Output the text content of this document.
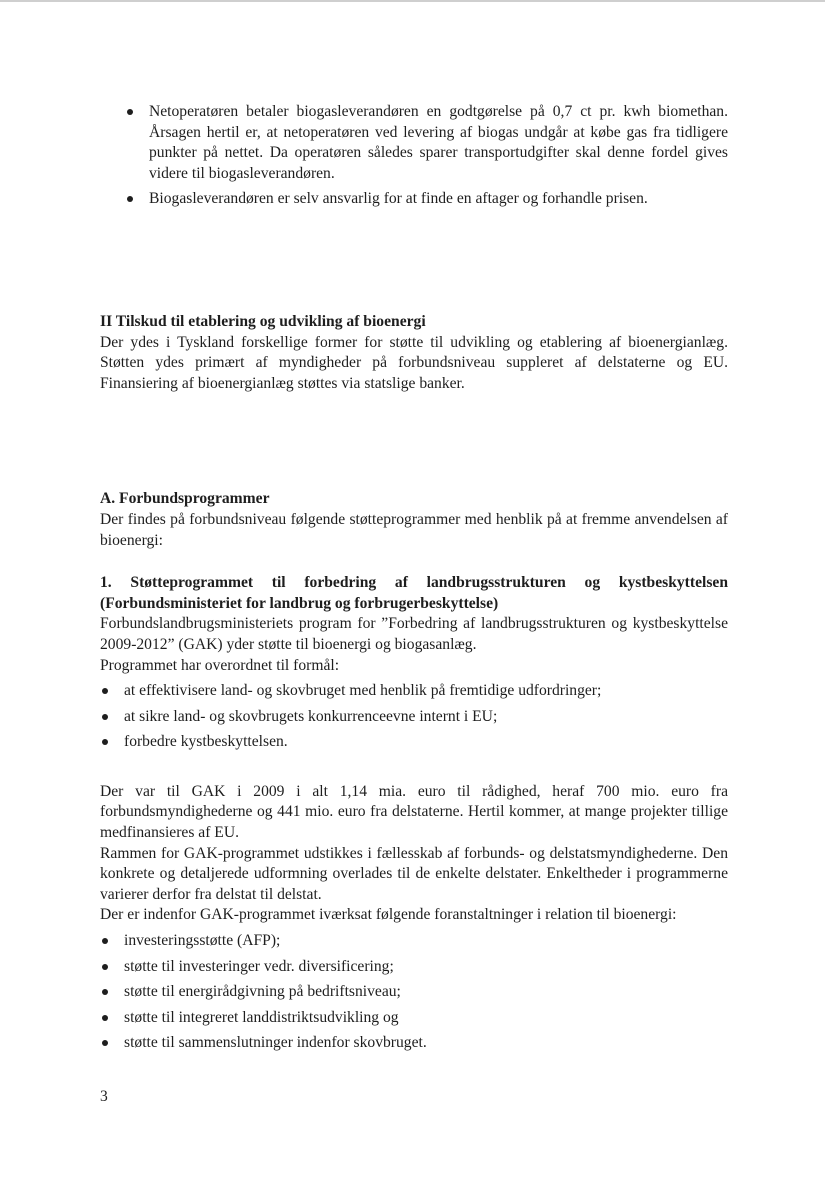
Netoperatøren betaler biogasleverandøren en godtgørelse på 0,7 ct pr. kwh biomethan. Årsagen hertil er, at netoperatøren ved levering af biogas undgår at købe gas fra tidligere punkter på nettet. Da operatøren således sparer transportudgifter skal denne fordel gives videre til biogasleverandøren.
Biogasleverandøren er selv ansvarlig for at finde en aftager og forhandle prisen.

II Tilskud til etablering og udvikling af bioenergi

Der ydes i Tyskland forskellige former for støtte til udvikling og etablering af bioenergianlæg. Støtten ydes primært af myndigheder på forbundsniveau suppleret af delstaterne og EU. Finansiering af bioenergianlæg støttes via statslige banker.

A. Forbundsprogrammer

Der findes på forbundsniveau følgende støtteprogrammer med henblik på at fremme anvendelsen af bioenergi:

1. Støtteprogrammet til forbedring af landbrugsstrukturen og kystbeskyttelsen (Forbundsministeriet for landbrug og forbrugerbeskyttelse)

Forbundslandbrugsministeriets program for ”Forbedring af landbrugsstrukturen og kystbeskyttelse 2009-2012” (GAK) yder støtte til bioenergi og biogasanlæg.

Programmet har overordnet til formål:

at effektivisere land- og skovbruget med henblik på fremtidige udfordringer;
at sikre land- og skovbrugets konkurrenceevne internt i EU;
forbedre kystbeskyttelsen.

Der var til GAK i 2009 i alt 1,14 mia. euro til rådighed, heraf 700 mio. euro fra forbundsmyndighederne og 441 mio. euro fra delstaterne. Hertil kommer, at mange projekter tillige medfinansieres af EU.

Rammen for GAK-programmet udstikkes i fællesskab af forbunds- og delstatsmyndighederne. Den konkrete og detaljerede udformning overlades til de enkelte delstater. Enkeltheder i programmerne varierer derfor fra delstat til delstat.

Der er indenfor GAK-programmet iværksat følgende foranstaltninger i relation til bioenergi:

investeringsstøtte (AFP);
støtte til investeringer vedr. diversificering;
støtte til energirådgivning på bedriftsniveau;
støtte til integreret landdistriktsudvikling og
støtte til sammenslutninger indenfor skovbruget.
3
